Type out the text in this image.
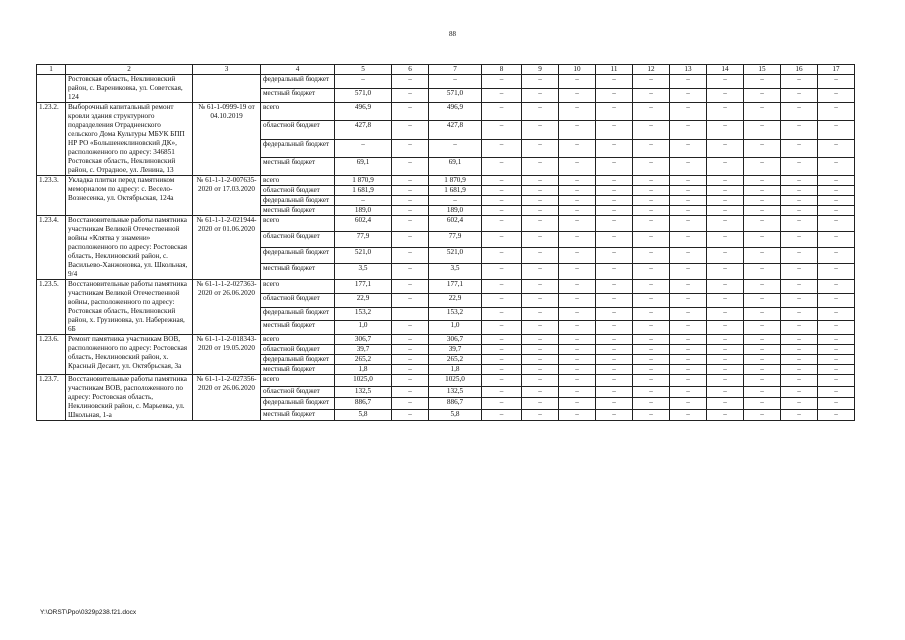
88
1	2	3	4	5	6	7	8	9	10	11	12	13	14	15	16	17
	Ростовская область, Неклиновский район, с. Варениковка, ул. Советская, 124		федеральный бюджет	–	–	–	–	–	–	–	–	–	–	–	–	–
			местный бюджет	571,0	–	571,0	–	–	–	–	–	–	–	–	–	–
1.23.2.	Выборочный капитальный ремонт кровли здания структурного подразделения Отрадненского сельского Дома Культуры МБУК БПП НР РО «Большенеклиновский ДК», расположенного по адресу: 346851 Ростовская область, Неклиновский район, с. Отрадное, ул. Ленина, 13	№ 61-1-0999-19 от 04.10.2019	всего	496,9	–	496,9	–	–	–	–	–	–	–	–	–	–
			областной бюджет	427,8	–	427,8	–	–	–	–	–	–	–	–	–	–
			федеральный бюджет	–	–	–	–	–	–	–	–	–	–	–	–	–
			местный бюджет	69,1	–	69,1	–	–	–	–	–	–	–	–	–	–
1.23.3.	Укладка плитки перед памятником мемориалом по адресу: с. Весело-Вознесенка, ул. Октябрьская, 124а	№ 61-1-1-2-007635-2020 от 17.03.2020	всего	1 870,9	–	1 870,9	–	–	–	–	–	–	–	–	–	–
			областной бюджет	1 681,9	–	1 681,9	–	–	–	–	–	–	–	–	–	–
			федеральный бюджет	–	–	–	–	–	–	–	–	–	–	–	–	–
			местный бюджет	189,0	–	189,0	–	–	–	–	–	–	–	–	–	–
1.23.4.	Восстановительные работы памятника участникам Великой Отечественной войны «Клятва у знамени» расположенного по адресу: Ростовская область, Неклиновский район, с. Васильево-Ханжоновка, ул. Школьная, 9/4	№ 61-1-1-2-021944-2020 от 01.06.2020	всего	602,4	–	602,4	–	–	–	–	–	–	–	–	–	–
			областной бюджет	77,9	–	77,9	–	–	–	–	–	–	–	–	–	–
			федеральный бюджет	521,0	–	521,0	–	–	–	–	–	–	–	–	–	–
			местный бюджет	3,5	–	3,5	–	–	–	–	–	–	–	–	–	–
1.23.5.	Восстановительные работы памятника участникам Великой Отечественной войны, расположенного по адресу: Ростовская область, Неклиновский район, х. Грузиновка, ул. Набережная, 6Б	№ 61-1-1-2-027363-2020 от 26.06.2020	всего	177,1	–	177,1	–	–	–	–	–	–	–	–	–	–
			областной бюджет	22,9	–	22,9	–	–	–	–	–	–	–	–	–	–
			федеральный бюджет	153,2		153,2	–	–	–	–	–	–	–	–	–	–
			местный бюджет	1,0	–	1,0	–	–	–	–	–	–	–	–	–	–
1.23.6.	Ремонт памятника участникам ВОВ, расположенного по адресу: Ростовская область, Неклиновский район, х. Красный Десант, ул. Октябрьская, 3а	№ 61-1-1-2-018343-2020 от 19.05.2020	всего	306,7	–	306,7	–	–	–	–	–	–	–	–	–	–
			областной бюджет	39,7	–	39,7	–	–	–	–	–	–	–	–	–	–
			федеральный бюджет	265,2	–	265,2	–	–	–	–	–	–	–	–	–	–
			местный бюджет	1,8	–	1,8	–	–	–	–	–	–	–	–	–	–
1.23.7.	Восстановительные работы памятника участникам ВОВ, расположенного по адресу: Ростовская область, Неклиновский район, с. Марьевка, ул. Школьная, 1-а	№ 61-1-1-2-027356-2020 от 26.06.2020	всего	1025,0	–	1025,0	–	–	–	–	–	–	–	–	–	–
			областной бюджет	132,5	–	132,5	–	–	–	–	–	–	–	–	–	–
			федеральный бюджет	886,7	–	886,7	–	–	–	–	–	–	–	–	–	–
			местный бюджет	5,8	–	5,8	–	–	–	–	–	–	–	–	–	–
Y:\ORST\Ppo\0329p238.f21.docx
